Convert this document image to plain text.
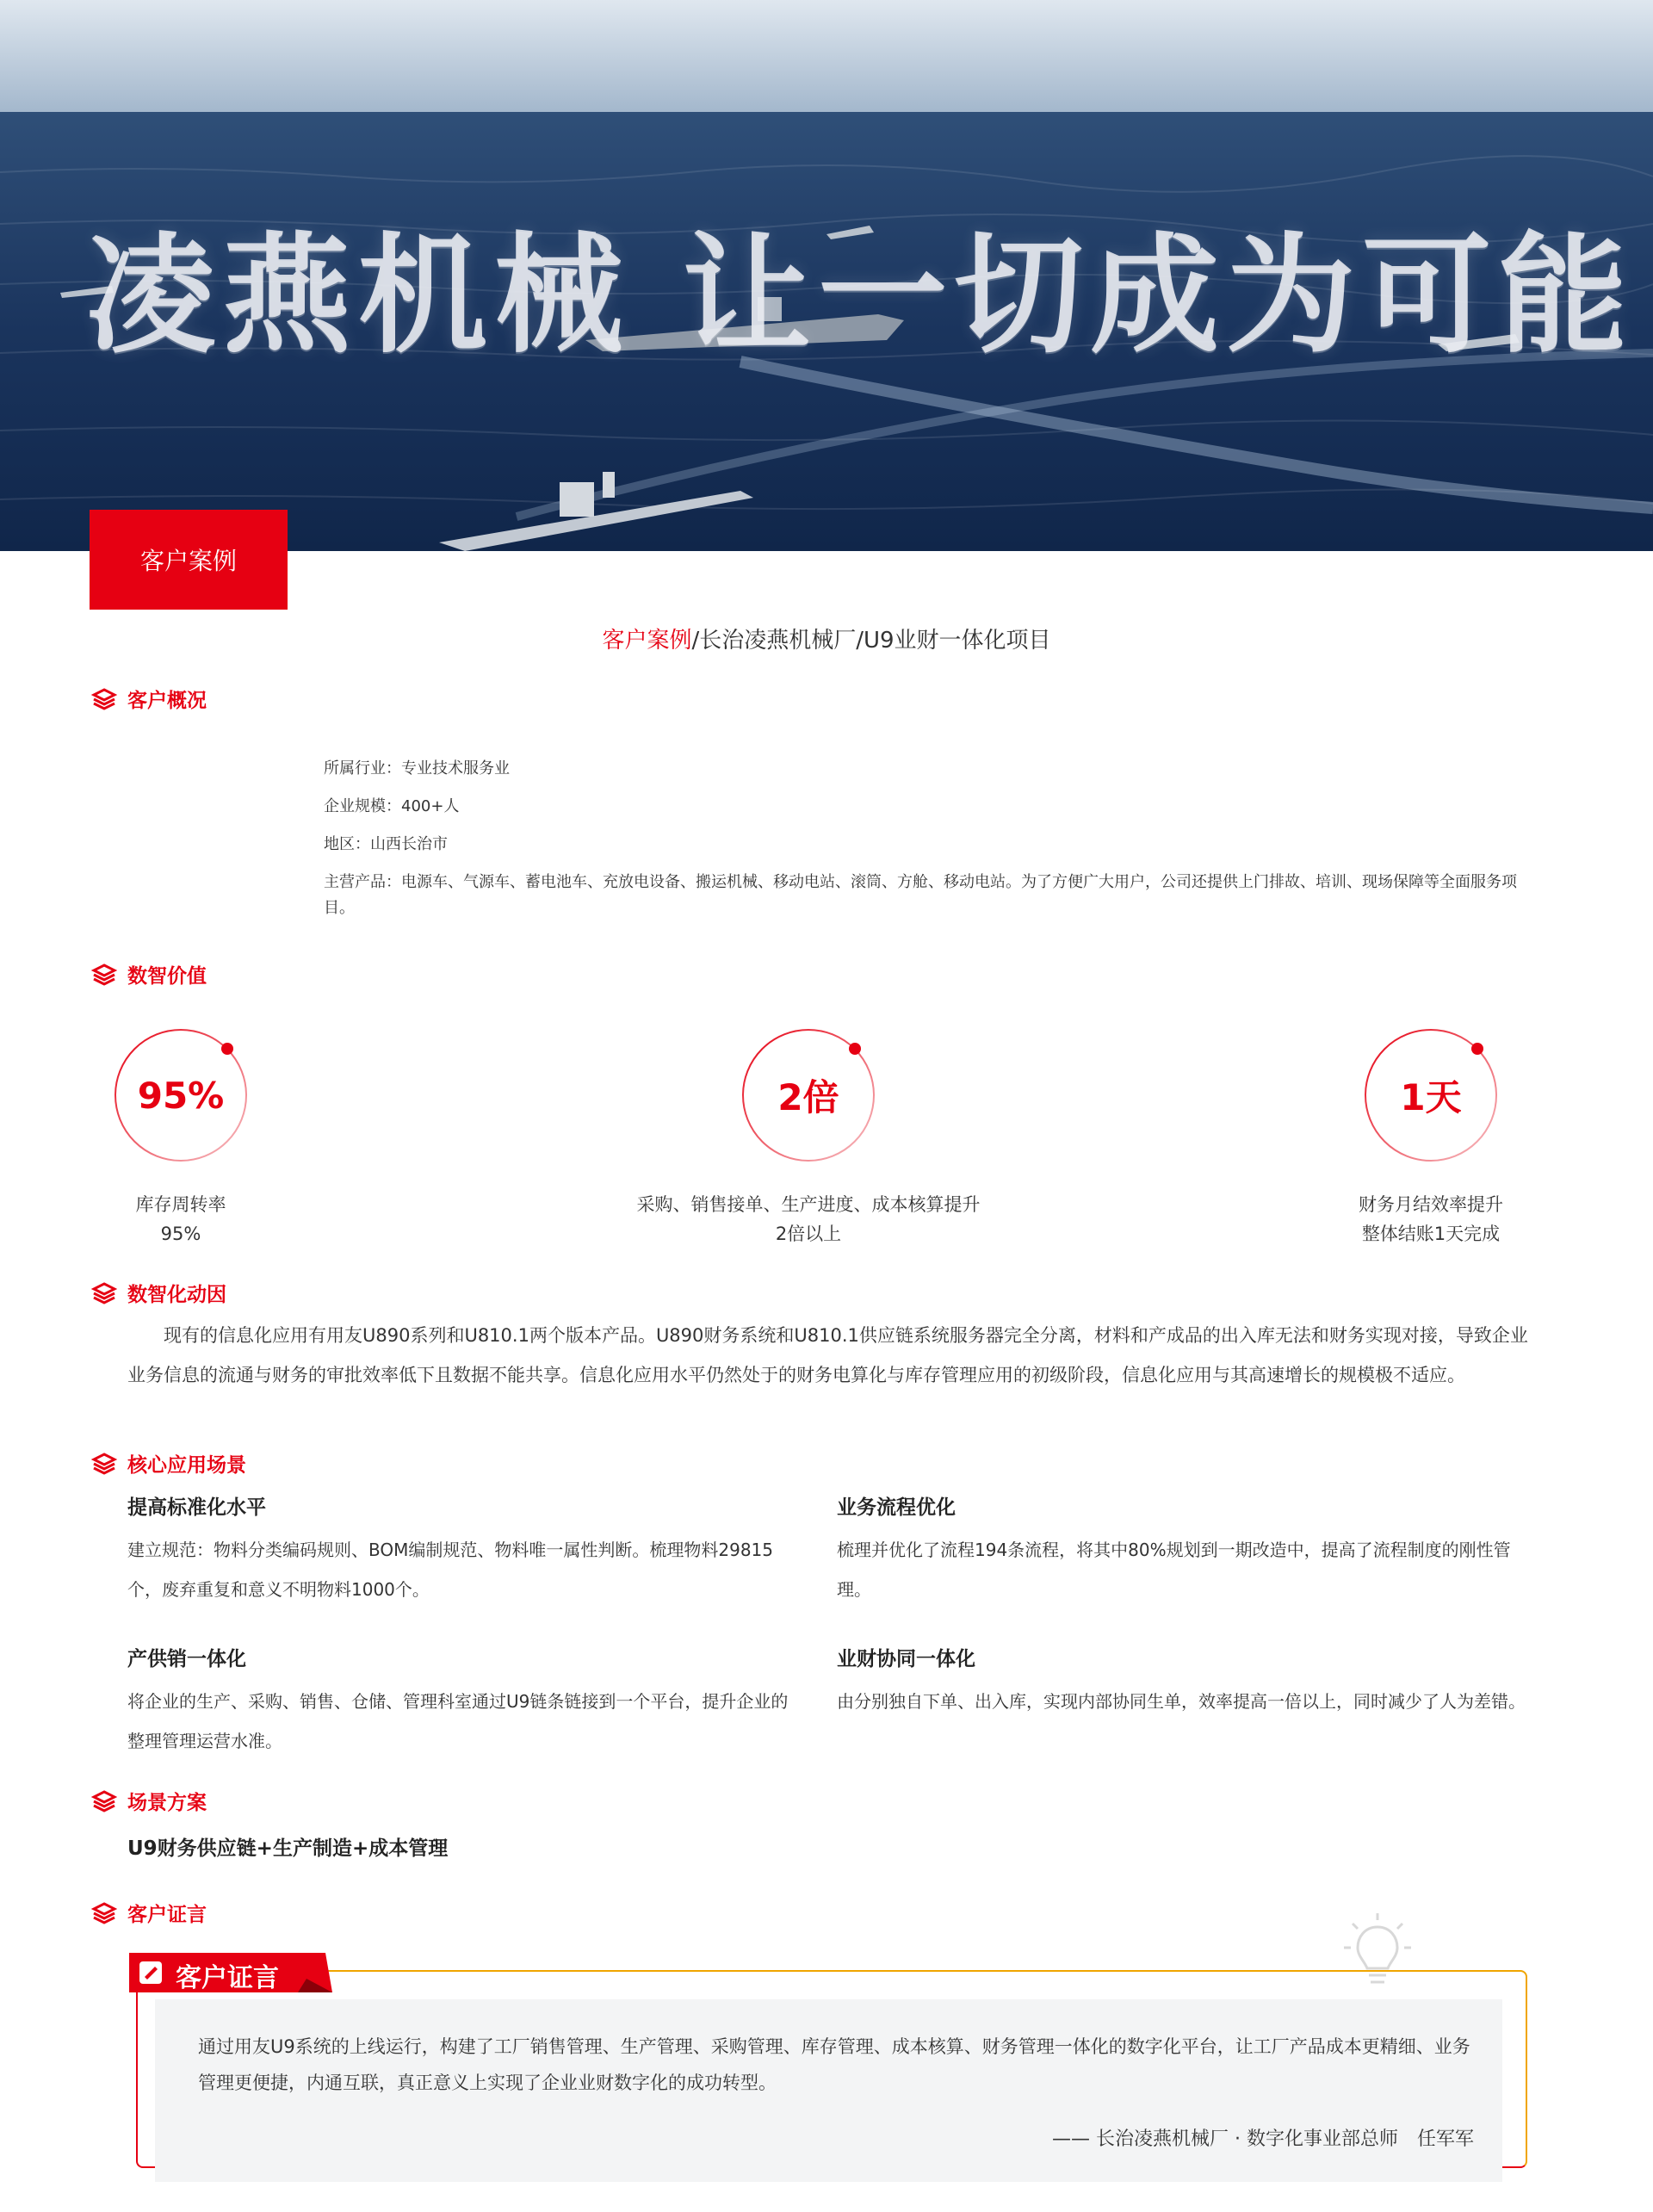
凌燕机械 让一切成为可能
客户案例
客户案例/长治凌燕机械厂/U9业财一体化项目
客户概况

所属行业：专业技术服务业

企业规模：400+人

地区：山西长治市

主营产品：电源车、气源车、蓄电池车、充放电设备、搬运机械、移动电站、滚筒、方舱、移动电站。为了方便广大用户，公司还提供上门排故、培训、现场保障等全面服务项目。

数智价值
95%
库存周转率
95%
2倍
采购、销售接单、生产进度、成本核算提升
2倍以上
1天
财务月结效率提升
整体结账1天完成
数智化动因
现有的信息化应用有用友U890系列和U810.1两个版本产品。U890财务系统和U810.1供应链系统服务器完全分离，材料和产成品的出入库无法和财务实现对接，导致企业业务信息的流通与财务的审批效率低下且数据不能共享。信息化应用水平仍然处于的财务电算化与库存管理应用的初级阶段，信息化应用与其高速增长的规模极不适应。
核心应用场景
提高标准化水平

建立规范：物料分类编码规则、BOM编制规范、物料唯一属性判断。梳理物料29815个，废弃重复和意义不明物料1000个。

业务流程优化

梳理并优化了流程194条流程，将其中80%规划到一期改造中，提高了流程制度的刚性管理。

产供销一体化

将企业的生产、采购、销售、仓储、管理科室通过U9链条链接到一个平台，提升企业的整理管理运营水准。

业财协同一体化

由分别独自下单、出入库，实现内部协同生单，效率提高一倍以上，同时减少了人为差错。

场景方案
U9财务供应链+生产制造+成本管理
客户证言
客户证言
通过用友U9系统的上线运行，构建了工厂销售管理、生产管理、采购管理、库存管理、成本核算、财务管理一体化的数字化平台，让工厂产品成本更精细、业务管理更便捷，内通互联，真正意义上实现了企业业财数字化的成功转型。
—— 长治凌燕机械厂 · 数字化事业部总师　任军军
